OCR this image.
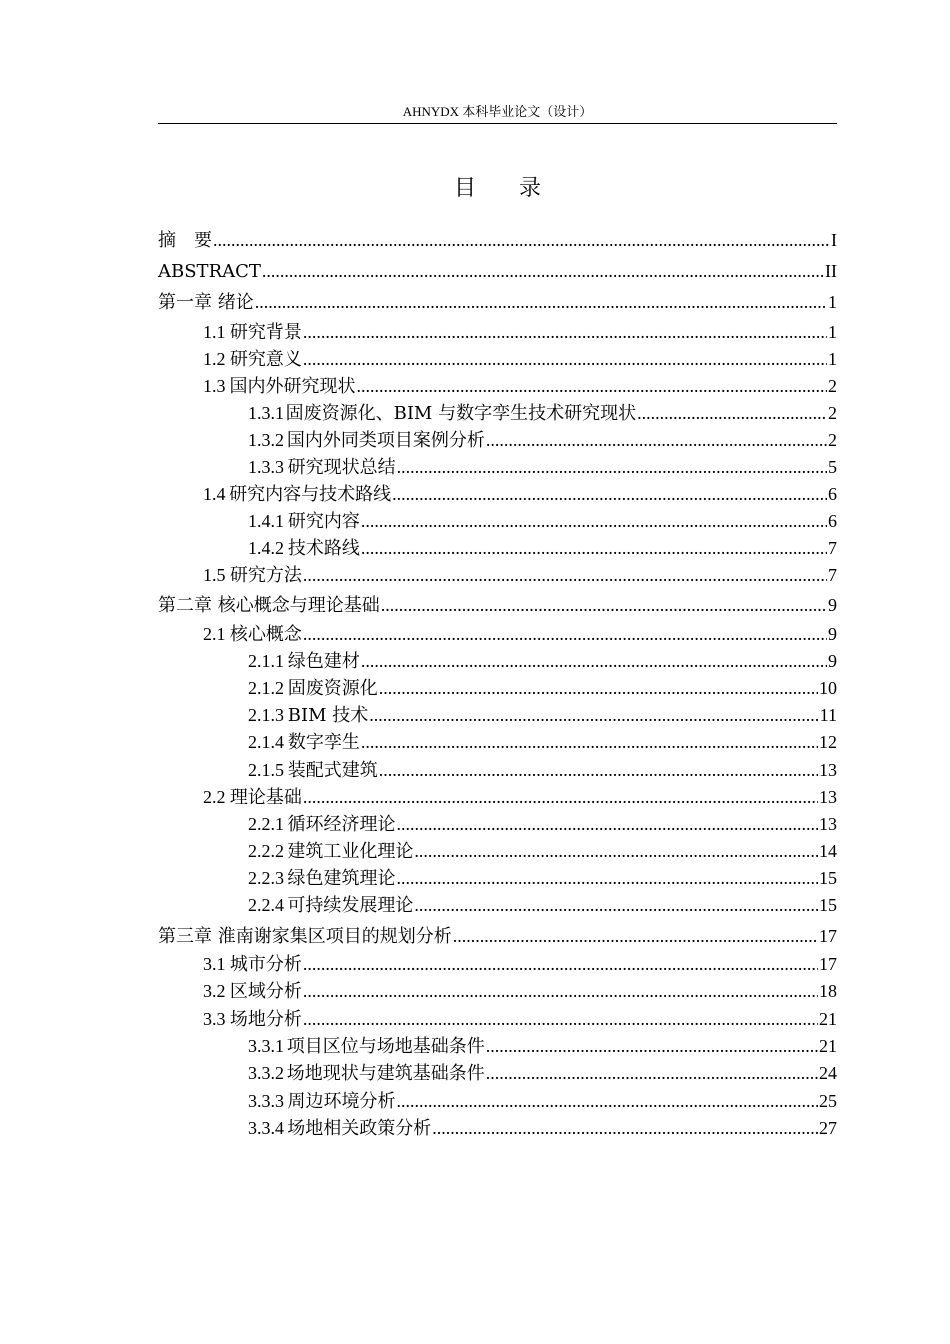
AHNYDX 本科毕业论文（设计）
目 录
摘　要 .....	I
ABSTRACT .....	II
第一章 绪论 .....	1
1.1 研究背景 .....	1
1.2 研究意义 .....	1
1.3 国内外研究现状 .....	2
1.3.1 固废资源化、BIM 与数字孪生技术研究现状 .....	2
1.3.2 国内外同类项目案例分析 .....	2
1.3.3 研究现状总结 .....	5
1.4 研究内容与技术路线 .....	6
1.4.1 研究内容 .....	6
1.4.2 技术路线 .....	7
1.5 研究方法 .....	7
第二章 核心概念与理论基础 .....	9
2.1 核心概念 .....	9
2.1.1 绿色建材 .....	9
2.1.2 固废资源化 .....	10
2.1.3 BIM 技术 .....	11
2.1.4 数字孪生 .....	12
2.1.5 装配式建筑 .....	13
2.2 理论基础 .....	13
2.2.1 循环经济理论 .....	13
2.2.2 建筑工业化理论 .....	14
2.2.3 绿色建筑理论 .....	15
2.2.4 可持续发展理论 .....	15
第三章 淮南谢家集区项目的规划分析 .....	17
3.1 城市分析 .....	17
3.2 区域分析 .....	18
3.3 场地分析 .....	21
3.3.1 项目区位与场地基础条件 .....	21
3.3.2 场地现状与建筑基础条件 .....	24
3.3.3 周边环境分析 .....	25
3.3.4 场地相关政策分析 .....	27
